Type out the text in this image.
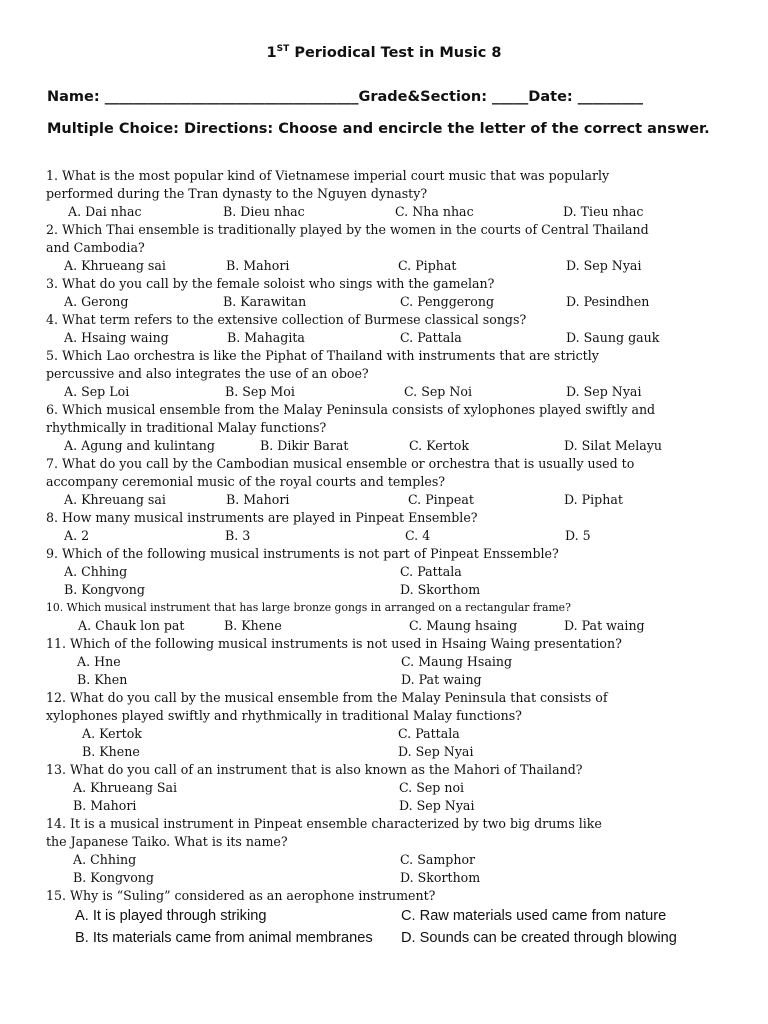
1ST Periodical Test in Music 8
Name: ___________________________________Grade&Section: _____Date: _________
Multiple Choice: Directions: Choose and encircle the letter of the correct answer.
1. What is the most popular kind of Vietnamese imperial court music that was popularly
performed during the Tran dynasty to the Nguyen dynasty?
A. Dai nhac	B. Dieu nhac	C. Nha nhac	D. Tieu nhac
2. Which Thai ensemble is traditionally played by the women in the courts of Central Thailand
and Cambodia?
A. Khrueang sai	B. Mahori	C. Piphat	D. Sep Nyai
3. What do you call by the female soloist who sings with the gamelan?
A. Gerong	B. Karawitan	C. Penggerong	D. Pesindhen
4. What term refers to the extensive collection of Burmese classical songs?
A. Hsaing waing	B. Mahagita	C. Pattala	D. Saung gauk
5. Which Lao orchestra is like the Piphat of Thailand with instruments that are strictly
percussive and also integrates the use of an oboe?
A. Sep Loi	B. Sep Moi	C. Sep Noi	D. Sep Nyai
6. Which musical ensemble from the Malay Peninsula consists of xylophones played swiftly and
rhythmically in traditional Malay functions?
A. Agung and kulintang	B. Dikir Barat	C. Kertok	D. Silat Melayu
7. What do you call by the Cambodian musical ensemble or orchestra that is usually used to
accompany ceremonial music of the royal courts and temples?
A. Khreuang sai	B. Mahori	C. Pinpeat	D. Piphat
8. How many musical instruments are played in Pinpeat Ensemble?
A. 2	B. 3	C. 4	D. 5
9. Which of the following musical instruments is not part of Pinpeat Enssemble?
A. Chhing	C. Pattala
B. Kongvong	D. Skorthom
10. Which musical instrument that has large bronze gongs in arranged on a rectangular frame?
A. Chauk lon pat	B. Khene	C. Maung hsaing	D. Pat waing
11. Which of the following musical instruments is not used in Hsaing Waing presentation?
A. Hne	C. Maung Hsaing
B. Khen	D. Pat waing
12. What do you call by the musical ensemble from the Malay Peninsula that consists of
xylophones played swiftly and rhythmically in traditional Malay functions?
A. Kertok	C. Pattala
B. Khene	D. Sep Nyai
13. What do you call of an instrument that is also known as the Mahori of Thailand?
A. Khrueang Sai	C. Sep noi
B. Mahori	D. Sep Nyai
14. It is a musical instrument in Pinpeat ensemble characterized by two big drums like
the Japanese Taiko. What is its name?
A. Chhing	C. Samphor
B. Kongvong	D. Skorthom
15. Why is “Suling” considered as an aerophone instrument?
A. It is played through striking	C. Raw materials used came from nature
B. Its materials came from animal membranes D. Sounds can be created through blowing
